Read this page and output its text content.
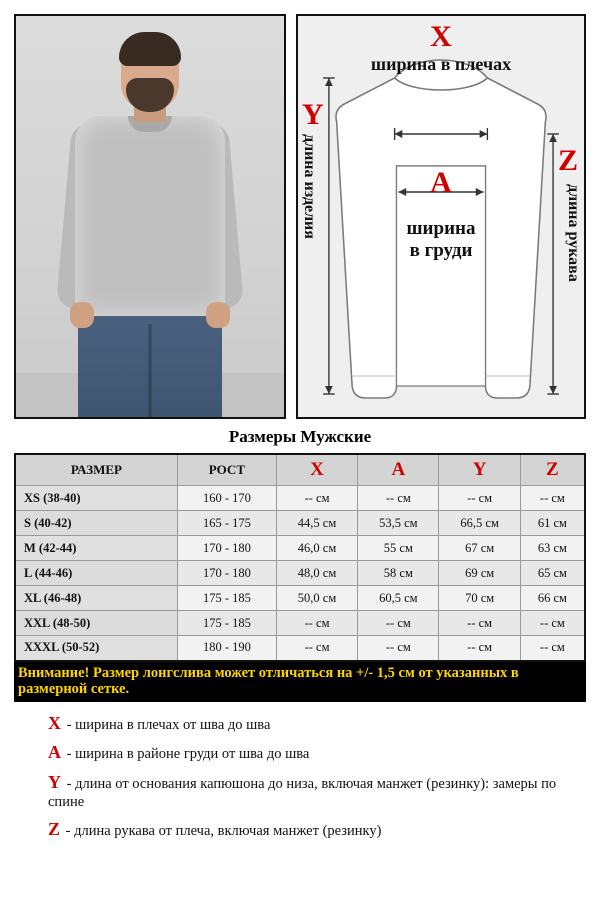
X
ширина в плечах
Y
длина изделия	Z
длина рукава
A
ширина
в груди
Размеры Мужские
РАЗМЕР	РОСТ	X	A	Y	Z
XS (38-40)	160 - 170	-- см	-- см	-- см	-- см
S (40-42)	165 - 175	44,5 см	53,5 см	66,5 см	61 см
M (42-44)	170 - 180	46,0 см	55 см	67 см	63 см
L (44-46)	170 - 180	48,0 см	58 см	69 см	65 см
XL (46-48)	175 - 185	50,0 см	60,5 см	70 см	66 см
XXL (48-50)	175 - 185	-- см	-- см	-- см	-- см
XXXL (50-52)	180 - 190	-- см	-- см	-- см	-- см
Внимание! Размер лонгслива может отличаться на +/- 1,5 см от указанных в размерной сетке.
X - ширина в плечах от шва до шва
A - ширина в районе груди от шва до шва
Y - длина от основания капюшона до низа, включая манжет (резинку): замеры по спине
Z - длина рукава от плеча, включая манжет (резинку)
